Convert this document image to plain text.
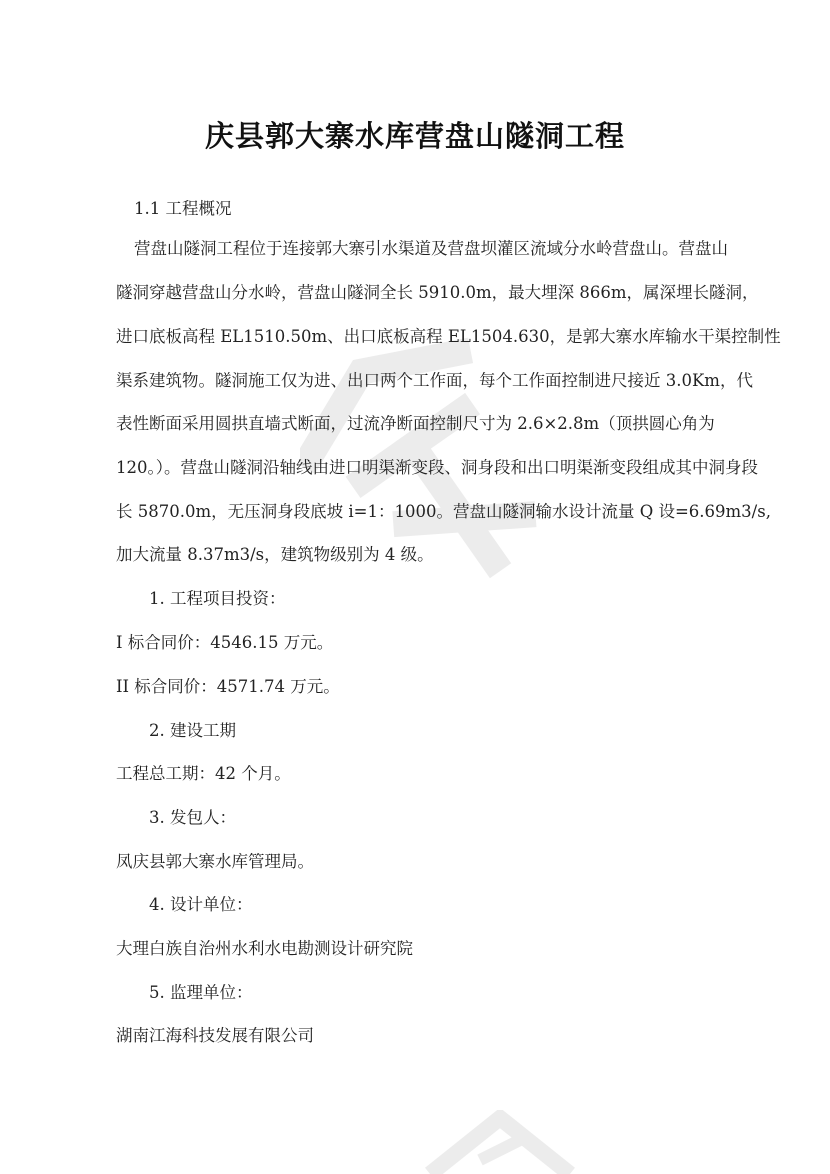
庆县郭大寨水库营盘山隧洞工程
1.1 工程概况
营盘山隧洞工程位于连接郭大寨引水渠道及营盘坝灌区流域分水岭营盘山。营盘山
隧洞穿越营盘山分水岭，营盘山隧洞全长 5910.0m，最大埋深 866m，属深埋长隧洞，
进口底板高程 EL1510.50m、出口底板高程 EL1504.630，是郭大寨水库输水干渠控制性
渠系建筑物。隧洞施工仅为进、出口两个工作面，每个工作面控制进尺接近 3.0Km，代
表性断面采用圆拱直墙式断面，过流净断面控制尺寸为 2.6×2.8m（顶拱圆心角为
120。）。营盘山隧洞沿轴线由进口明渠渐变段、洞身段和出口明渠渐变段组成其中洞身段
长 5870.0m，无压洞身段底坡 i=1：1000。营盘山隧洞输水设计流量 Q 设=6.69m3/s,
加大流量 8.37m3/s，建筑物级别为 4 级。
1. 工程项目投资：
I 标合同价：4546.15 万元。
II 标合同价：4571.74 万元。
2. 建设工期
工程总工期：42 个月。
3. 发包人：
凤庆县郭大寨水库管理局。
4. 设计单位：
大理白族自治州水利水电勘测设计研究院
5. 监理单位：
湖南江海科技发展有限公司
